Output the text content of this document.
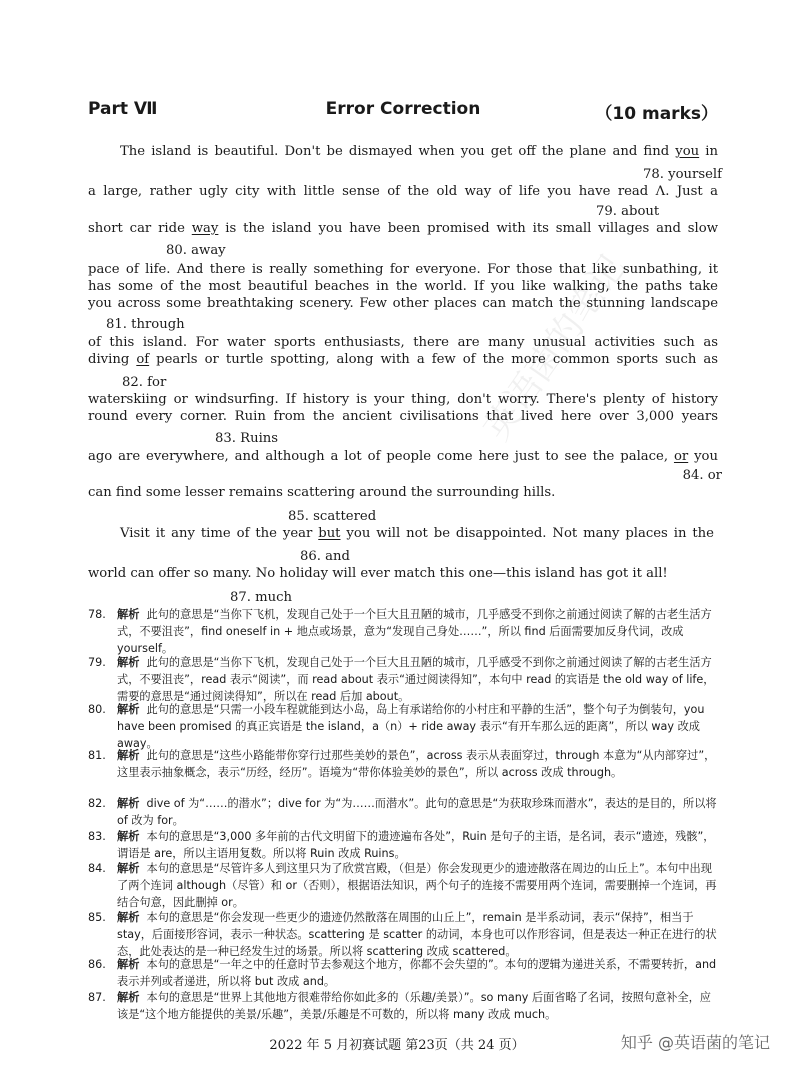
英语菌的笔记
Part Ⅶ	Error Correction	（10 marks）
The island is beautiful. Don't be dismayed when you get off the plane and find you in
78. yourself
a large, rather ugly city with little sense of the old way of life you have read Λ. Just a
79. about
short car ride way is the island you have been promised with its small villages and slow
80. away
pace of life. And there is really something for everyone. For those that like sunbathing, it
has some of the most beautiful beaches in the world. If you like walking, the paths take
you across some breathtaking scenery. Few other places can match the stunning landscape
81. through
of this island. For water sports enthusiasts, there are many unusual activities such as
diving of pearls or turtle spotting, along with a few of the more common sports such as
82. for
waterskiing or windsurfing. If history is your thing, don't worry. There's plenty of history
round every corner. Ruin from the ancient civilisations that lived here over 3,000 years
83. Ruins
ago are everywhere, and although a lot of people come here just to see the palace, or you
84. or
can find some lesser remains scattering around the surrounding hills.
85. scattered
Visit it any time of the year but you will not be disappointed. Not many places in the
86. and
world can offer so many. No holiday will ever match this one—this island has got it all!
87. much
78. 解析 此句的意思是“当你下飞机，发现自己处于一个巨大且丑陋的城市，几乎感受不到你之前通过阅读了解的古老生活方式，不要沮丧”，find oneself in + 地点或场景，意为“发现自己身处……”，所以 find 后面需要加反身代词，改成 yourself。
79. 解析 此句的意思是“当你下飞机，发现自己处于一个巨大且丑陋的城市，几乎感受不到你之前通过阅读了解的古老生活方式，不要沮丧”，read 表示“阅读”，而 read about 表示“通过阅读得知”，本句中 read 的宾语是 the old way of life，需要的意思是“通过阅读得知”，所以在 read 后加 about。
80. 解析 此句的意思是“只需一小段车程就能到达小岛，岛上有承诺给你的小村庄和平静的生活”，整个句子为倒装句，you have been promised 的真正宾语是 the island，a（n）+ ride away 表示“有开车那么远的距离”，所以 way 改成 away。
81. 解析 此句的意思是“这些小路能带你穿行过那些美妙的景色”，across 表示从表面穿过，through 本意为“从内部穿过”，这里表示抽象概念，表示“历经，经历”。语境为“带你体验美妙的景色”，所以 across 改成 through。
82. 解析 dive of 为“……的潜水”；dive for 为“为……而潜水”。此句的意思是“为获取珍珠而潜水”，表达的是目的，所以将 of 改为 for。
83. 解析 本句的意思是“3,000 多年前的古代文明留下的遗迹遍布各处”，Ruin 是句子的主语，是名词，表示“遗迹，残骸”，谓语是 are，所以主语用复数。所以将 Ruin 改成 Ruins。
84. 解析 本句的意思是“尽管许多人到这里只为了欣赏宫殿，（但是）你会发现更少的遗迹散落在周边的山丘上”。本句中出现了两个连词 although（尽管）和 or（否则），根据语法知识，两个句子的连接不需要用两个连词，需要删掉一个连词，再结合句意，因此删掉 or。
85. 解析 本句的意思是“你会发现一些更少的遗迹仍然散落在周围的山丘上”，remain 是半系动词，表示“保持”，相当于 stay，后面接形容词，表示一种状态。scattering 是 scatter 的动词，本身也可以作形容词，但是表达一种正在进行的状态，此处表达的是一种已经发生过的场景。所以将 scattering 改成 scattered。
86. 解析 本句的意思是“一年之中的任意时节去参观这个地方，你都不会失望的”。本句的逻辑为递进关系，不需要转折，and 表示并列或者递进，所以将 but 改成 and。
87. 解析 本句的意思是“世界上其他地方很难带给你如此多的（乐趣/美景）”。so many 后面省略了名词，按照句意补全，应该是“这个地方能提供的美景/乐趣”，美景/乐趣是不可数的，所以将 many 改成 much。
2022 年 5 月初赛试题 第23页（共 24 页）	知乎 @英语菌的笔记
